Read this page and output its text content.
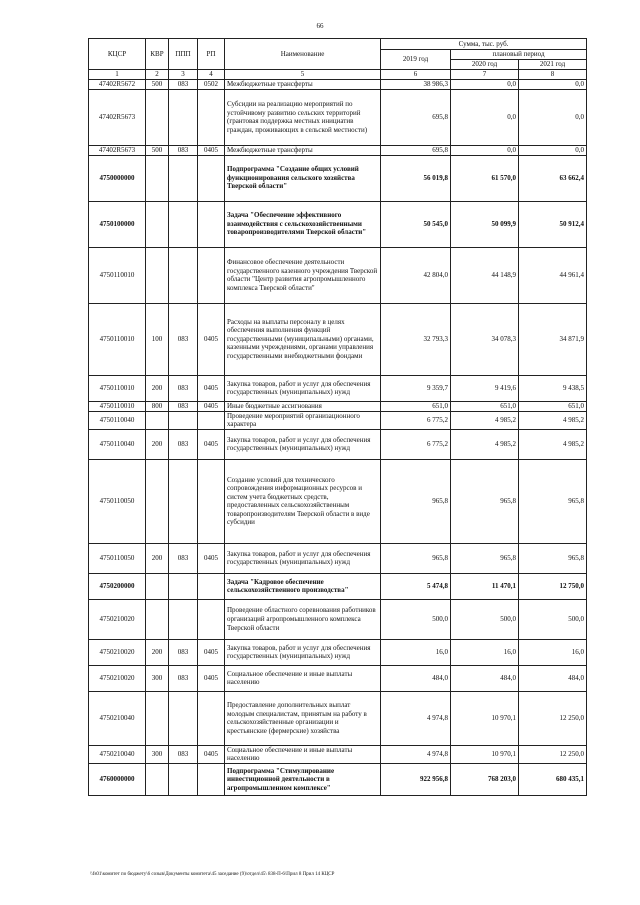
66
КЦСР	КВР	ППП	РП	Наименование	Сумма, тыс. руб.		
					2019 год	плановый период	
						2020 год	2021 год
1	2	3	4	5	6	7	8
47402R5672	500	083	0502	Межбюджетные трансферты	38 986,3	0,0	0,0
47402R5673				Субсидии на реализацию мероприятий по устойчивому развитию сельских территорий (грантовая поддержка местных инициатив граждан, проживающих в сельской местности)	695,8	0,0	0,0
47402R5673	500	083	0405	Межбюджетные трансферты	695,8	0,0	0,0
4750000000				Подпрограмма "Создание общих условий функционирования сельского хозяйства Тверской области"	56 019,8	61 570,0	63 662,4
4750100000				Задача "Обеспечение эффективного взаимодействия с сельскохозяйственными товаропроизводителями Тверской области"	50 545,0	50 099,9	50 912,4
4750110010				Финансовое обеспечение деятельности государственного казенного учреждения Тверской области "Центр развития агропромышленного комплекса Тверской области"	42 804,0	44 148,9	44 961,4
4750110010	100	083	0405	Расходы на выплаты персоналу в целях обеспечения выполнения функций государственными (муниципальными) органами, казенными учреждениями, органами управления государственными внебюджетными фондами	32 793,3	34 078,3	34 871,9
4750110010	200	083	0405	Закупка товаров, работ и услуг для обеспечения государственных (муниципальных) нужд	9 359,7	9 419,6	9 438,5
4750110010	800	083	0405	Иные бюджетные ассигнования	651,0	651,0	651,0
4750110040				Проведение мероприятий организационного характера	6 775,2	4 985,2	4 985,2
4750110040	200	083	0405	Закупка товаров, работ и услуг для обеспечения государственных (муниципальных) нужд	6 775,2	4 985,2	4 985,2
4750110050				Создание условий для технического сопровождения информационных ресурсов и систем учета бюджетных средств, предоставленных сельскохозяйственным товаропроизводителям Тверской области в виде субсидии	965,8	965,8	965,8
4750110050	200	083	0405	Закупка товаров, работ и услуг для обеспечения государственных (муниципальных) нужд	965,8	965,8	965,8
4750200000				Задача "Кадровое обеспечение сельскохозяйственного производства"	5 474,8	11 470,1	12 750,0
4750210020				Проведение областного соревнования работников организаций агропромышленного комплекса Тверской области	500,0	500,0	500,0
4750210020	200	083	0405	Закупка товаров, работ и услуг для обеспечения государственных (муниципальных) нужд	16,0	16,0	16,0
4750210020	300	083	0405	Социальное обеспечение и иные выплаты населению	484,0	484,0	484,0
4750210040				Предоставление дополнительных выплат молодым специалистам, принятым на работу в сельскохозяйственные организации и крестьянские (фермерские) хозяйства	4 974,8	10 970,1	12 250,0
4750210040	300	083	0405	Социальное обеспечение и иные выплаты населению	4 974,8	10 970,1	12 250,0
4760000000				Подпрограмма "Стимулирование инвестиционной деятельности в агропромышленном комплексе"	922 956,8	768 203,0	680 435,1
\\fs01\комитет по бюджету\6 созыв\Документы комитета\45 заседание (9)\отдел\45\ 838-П-6\Прил 8 Прил 14 КЦСР
